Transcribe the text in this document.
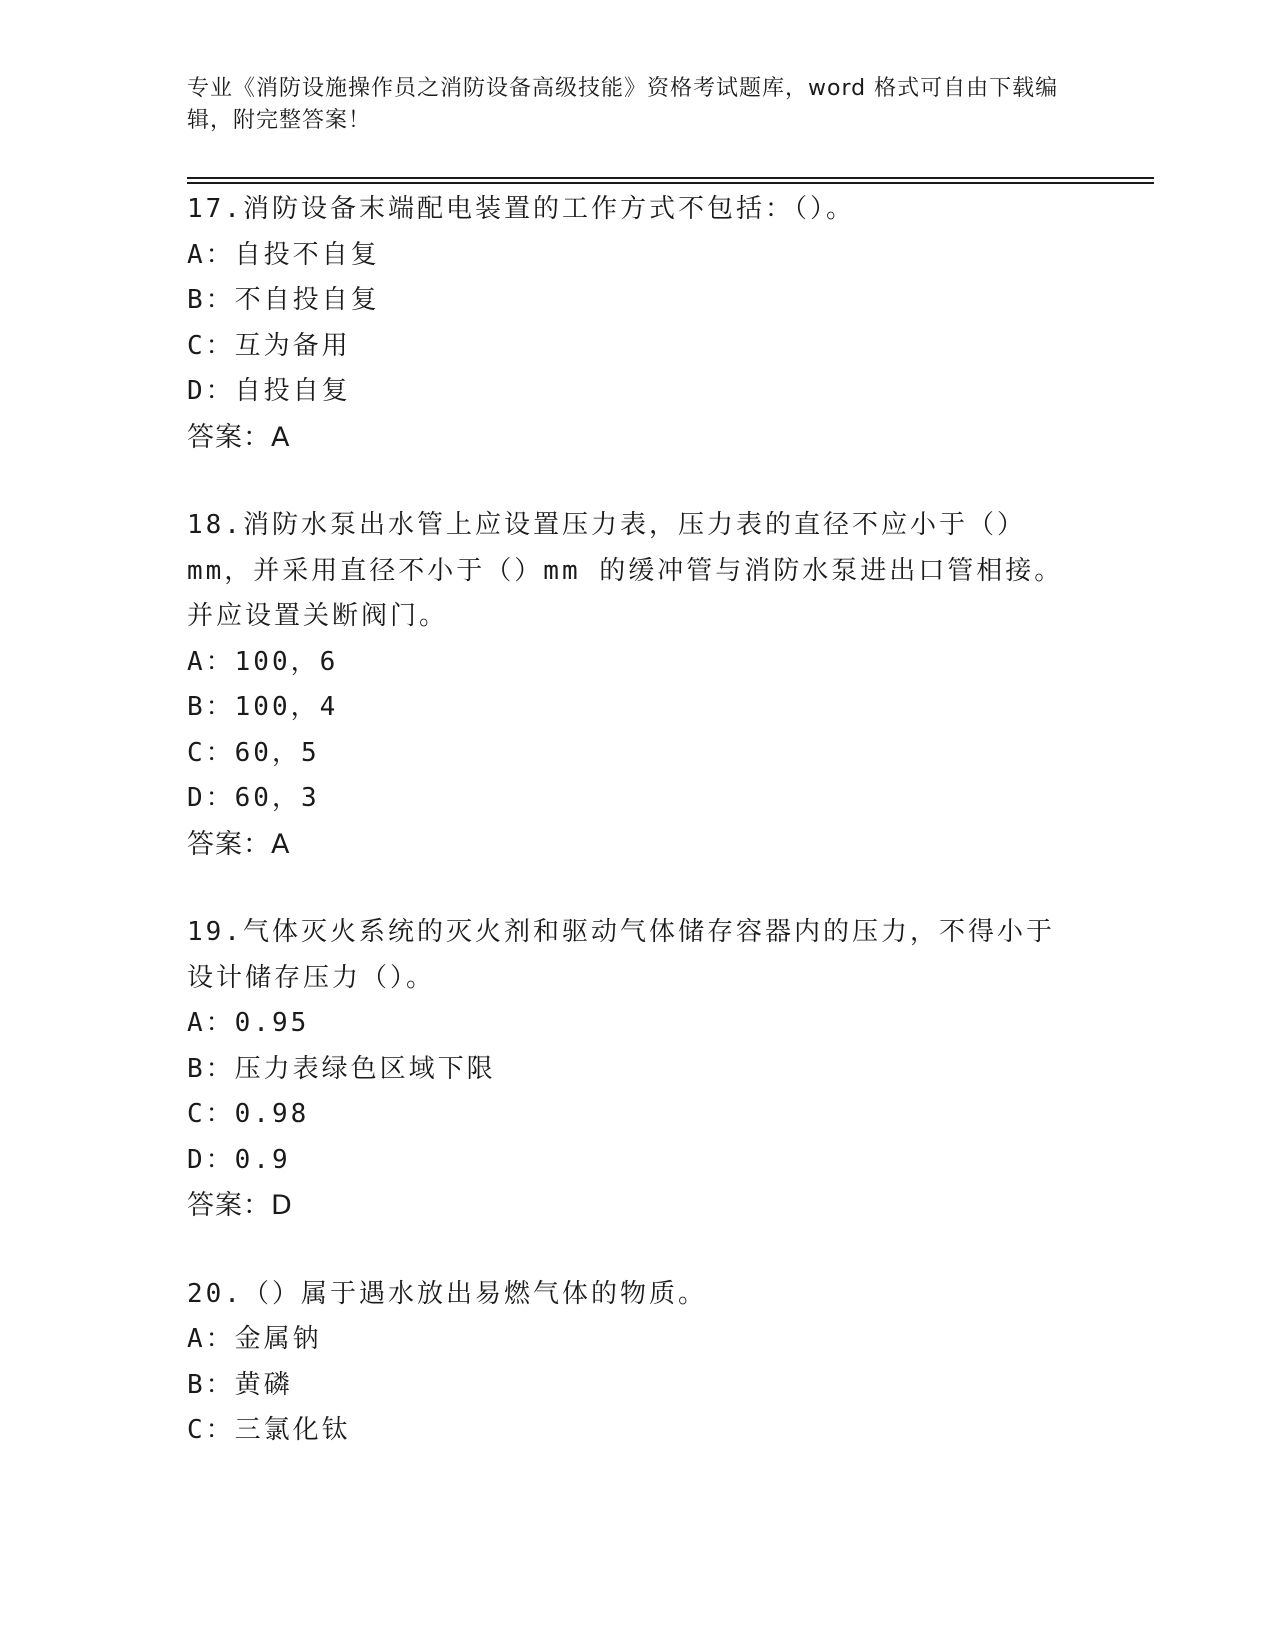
专业《消防设施操作员之消防设备高级技能》资格考试题库，word 格式可自由下载编辑，附完整答案！
17.消防设备末端配电装置的工作方式不包括：（）。
A：自投不自复
B：不自投自复
C：互为备用
D：自投自复
答案：A
18.消防水泵出水管上应设置压力表，压力表的直径不应小于（）mm，并采用直径不小于（）mm 的缓冲管与消防水泵进出口管相接。并应设置关断阀门。
A：100，6
B：100，4
C：60，5
D：60，3
答案：A
19.气体灭火系统的灭火剂和驱动气体储存容器内的压力，不得小于设计储存压力（）。
A：0.95
B：压力表绿色区域下限
C：0.98
D：0.9
答案：D
20.（）属于遇水放出易燃气体的物质。
A：金属钠
B：黄磷
C：三氯化钛
